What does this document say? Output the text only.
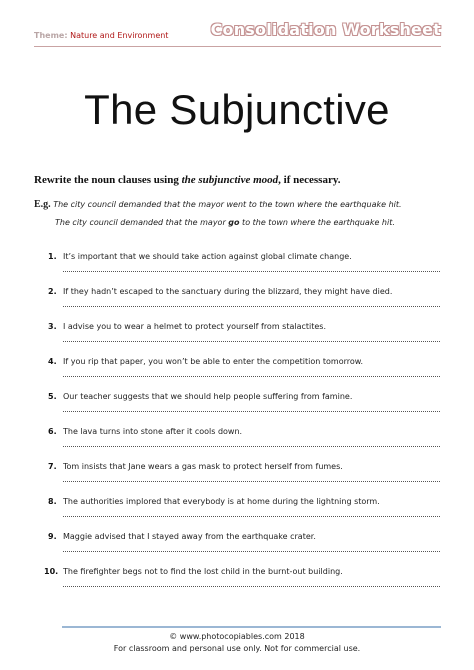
Theme: Nature and Environment	Consolidation Worksheet
The Subjunctive
Rewrite the noun clauses using the subjunctive mood, if necessary.
E.g. The city council demanded that the mayor went to the town where the earthquake hit.
The city council demanded that the mayor go to the town where the earthquake hit.
1. It’s important that we should take action against global climate change.
2. If they hadn’t escaped to the sanctuary during the blizzard, they might have died.
3. I advise you to wear a helmet to protect yourself from stalactites.
4. If you rip that paper, you won’t be able to enter the competition tomorrow.
5. Our teacher suggests that we should help people suffering from famine.
6. The lava turns into stone after it cools down.
7. Tom insists that Jane wears a gas mask to protect herself from fumes.
8. The authorities implored that everybody is at home during the lightning storm.
9. Maggie advised that I stayed away from the earthquake crater.
10. The firefighter begs not to find the lost child in the burnt-out building.
© www.photocopiables.com 2018
For classroom and personal use only. Not for commercial use.
